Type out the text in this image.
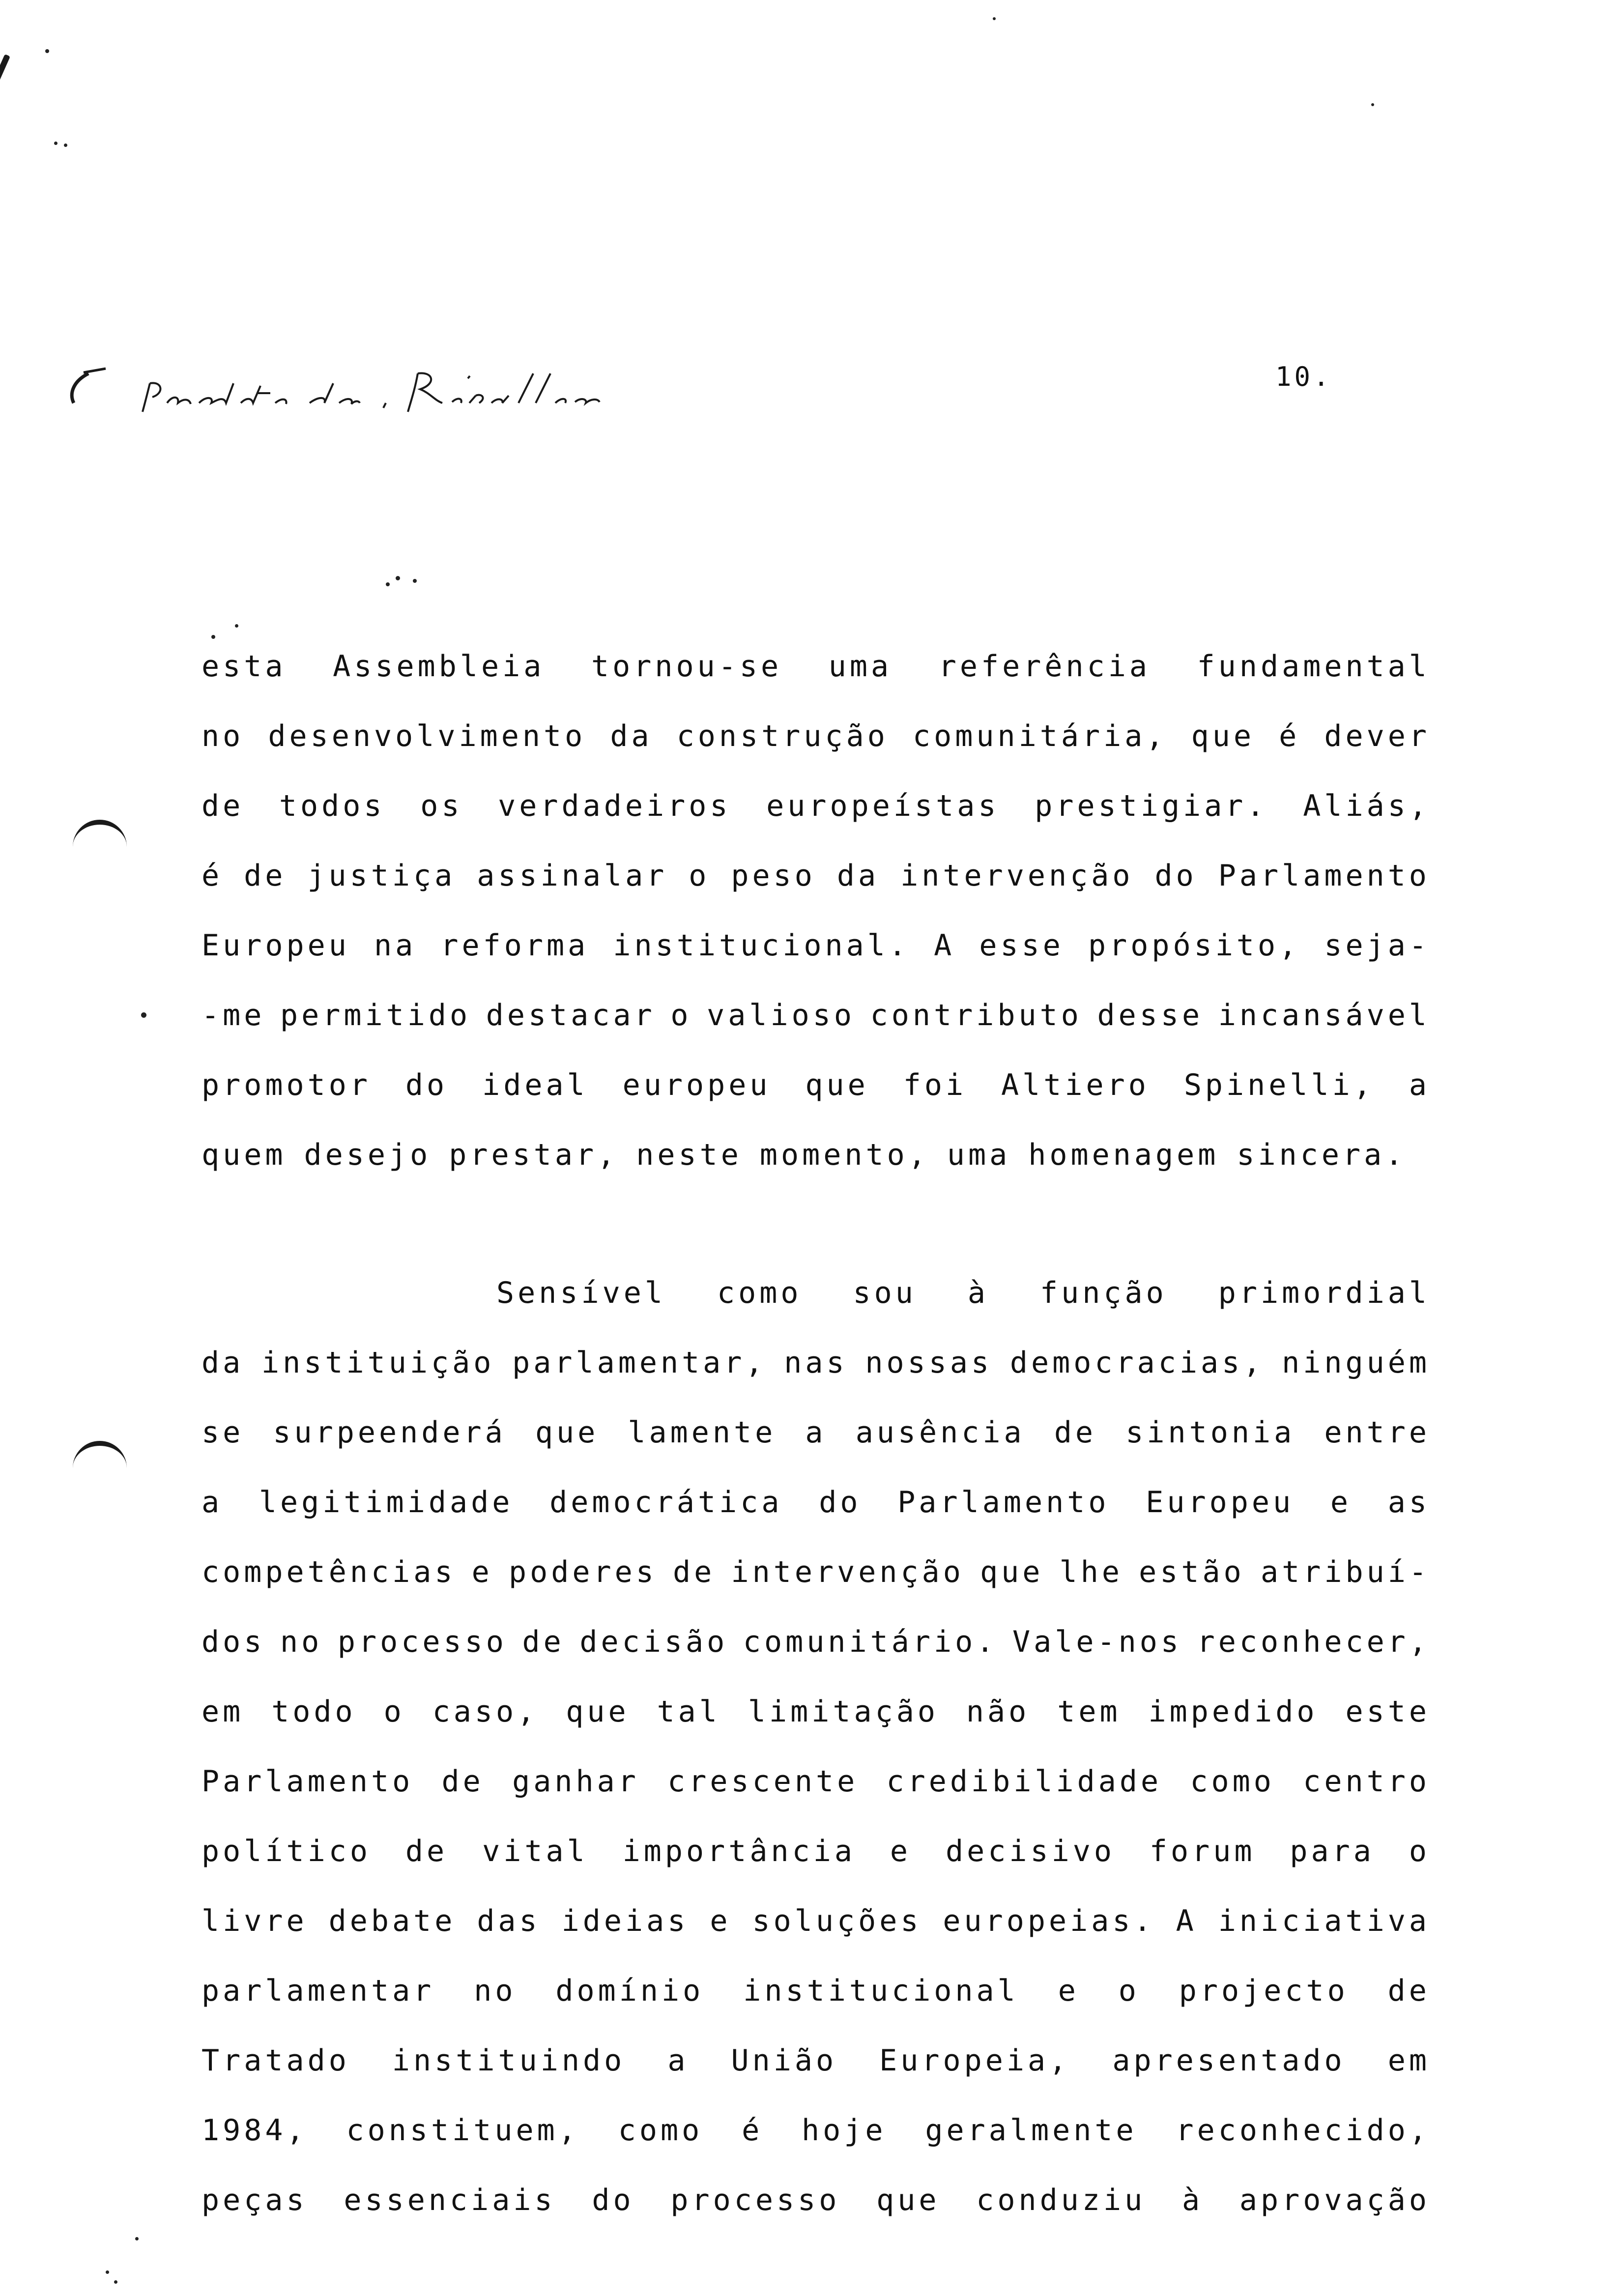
10.
esta Assembleia tornou-se uma referência fundamental
no desenvolvimento da construção comunitária, que é dever
de todos os verdadeiros europeístas prestigiar. Aliás,
é de justiça assinalar o peso da intervenção do Parlamento
Europeu na reforma institucional. A esse propósito, seja-
-me permitido destacar o valioso contributo desse incansável
promotor do ideal europeu que foi Altiero Spinelli, a
quem desejo prestar, neste momento, uma homenagem sincera.
Sensível como sou à função primordial
da instituição parlamentar, nas nossas democracias, ninguém
se surpeenderá que lamente a ausência de sintonia entre
a legitimidade democrática do Parlamento Europeu e as
competências e poderes de intervenção que lhe estão atribuí-
dos no processo de decisão comunitário. Vale-nos reconhecer,
em todo o caso, que tal limitação não tem impedido este
Parlamento de ganhar crescente credibilidade como centro
político de vital importância e decisivo forum para o
livre debate das ideias e soluções europeias. A iniciativa
parlamentar no domínio institucional e o projecto de
Tratado instituindo a União Europeia, apresentado em
1984, constituem, como é hoje geralmente reconhecido,
peças essenciais do processo que conduziu à aprovação
